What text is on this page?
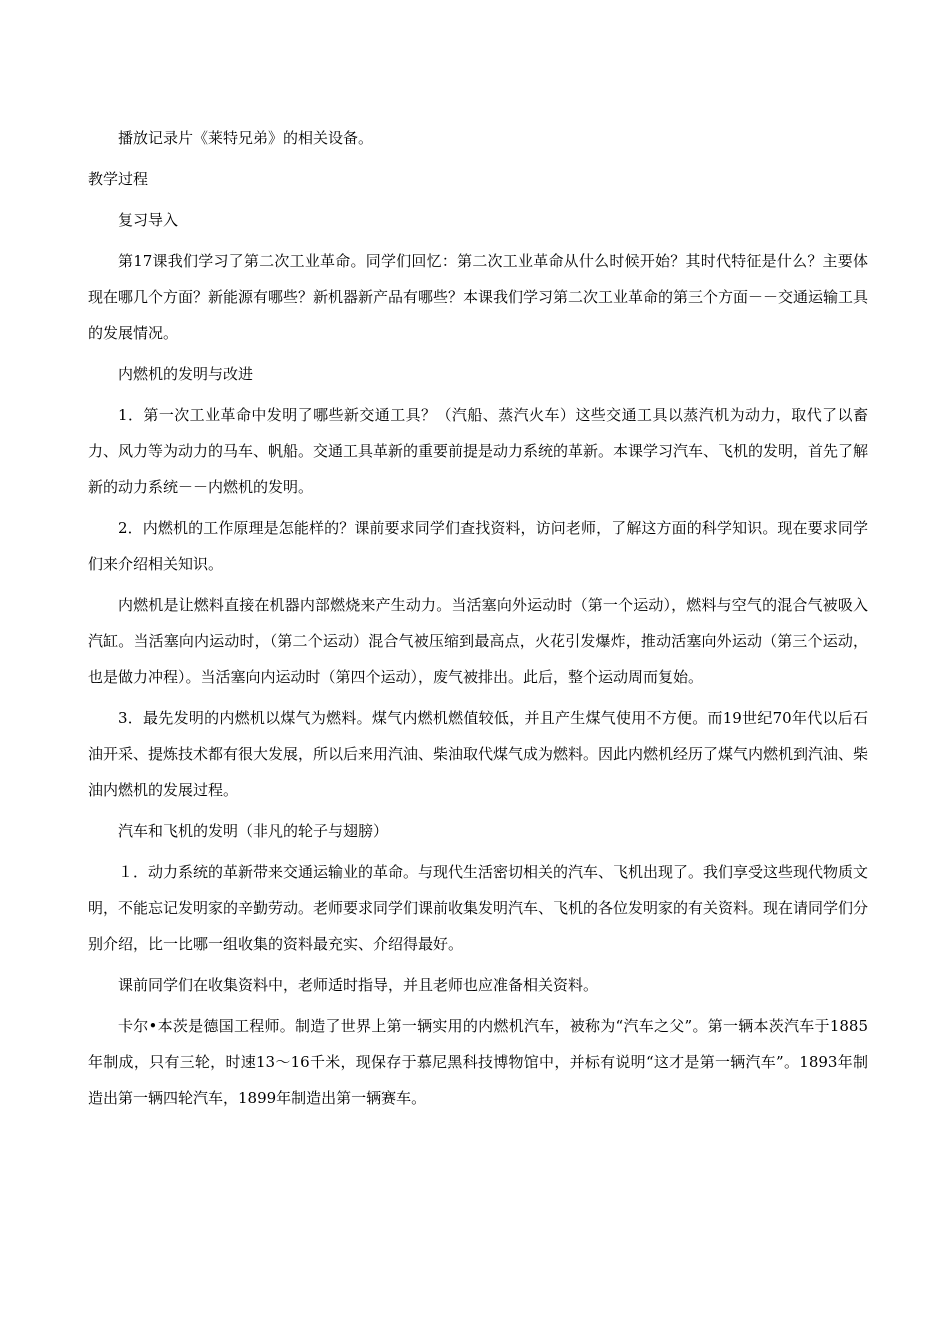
播放记录片《莱特兄弟》的相关设备。

教学过程

复习导入

第17课我们学习了第二次工业革命。同学们回忆：第二次工业革命从什么时候开始？其时代特征是什么？主要体现在哪几个方面？新能源有哪些？新机器新产品有哪些？本课我们学习第二次工业革命的第三个方面－－交通运输工具的发展情况。

内燃机的发明与改进

1．第一次工业革命中发明了哪些新交通工具？（汽船、蒸汽火车）这些交通工具以蒸汽机为动力，取代了以畜力、风力等为动力的马车、帆船。交通工具革新的重要前提是动力系统的革新。本课学习汽车、飞机的发明，首先了解新的动力系统－－内燃机的发明。

2．内燃机的工作原理是怎能样的？课前要求同学们查找资料，访问老师，了解这方面的科学知识。现在要求同学们来介绍相关知识。

内燃机是让燃料直接在机器内部燃烧来产生动力。当活塞向外运动时（第一个运动），燃料与空气的混合气被吸入汽缸。当活塞向内运动时，（第二个运动）混合气被压缩到最高点，火花引发爆炸，推动活塞向外运动（第三个运动，也是做力冲程）。当活塞向内运动时（第四个运动），废气被排出。此后，整个运动周而复始。

3．最先发明的内燃机以煤气为燃料。煤气内燃机燃值较低，并且产生煤气使用不方便。而19世纪70年代以后石油开采、提炼技术都有很大发展，所以后来用汽油、柴油取代煤气成为燃料。因此内燃机经历了煤气内燃机到汽油、柴油内燃机的发展过程。

汽车和飞机的发明（非凡的轮子与翅膀）

１．动力系统的革新带来交通运输业的革命。与现代生活密切相关的汽车、飞机出现了。我们享受这些现代物质文明，不能忘记发明家的辛勤劳动。老师要求同学们课前收集发明汽车、飞机的各位发明家的有关资料。现在请同学们分别介绍，比一比哪一组收集的资料最充实、介绍得最好。

课前同学们在收集资料中，老师适时指导，并且老师也应准备相关资料。

卡尔•本茨是德国工程师。制造了世界上第一辆实用的内燃机汽车，被称为“汽车之父”。第一辆本茨汽车于1885年制成，只有三轮，时速13～16千米，现保存于慕尼黑科技博物馆中，并标有说明“这才是第一辆汽车”。1893年制造出第一辆四轮汽车，1899年制造出第一辆赛车。
